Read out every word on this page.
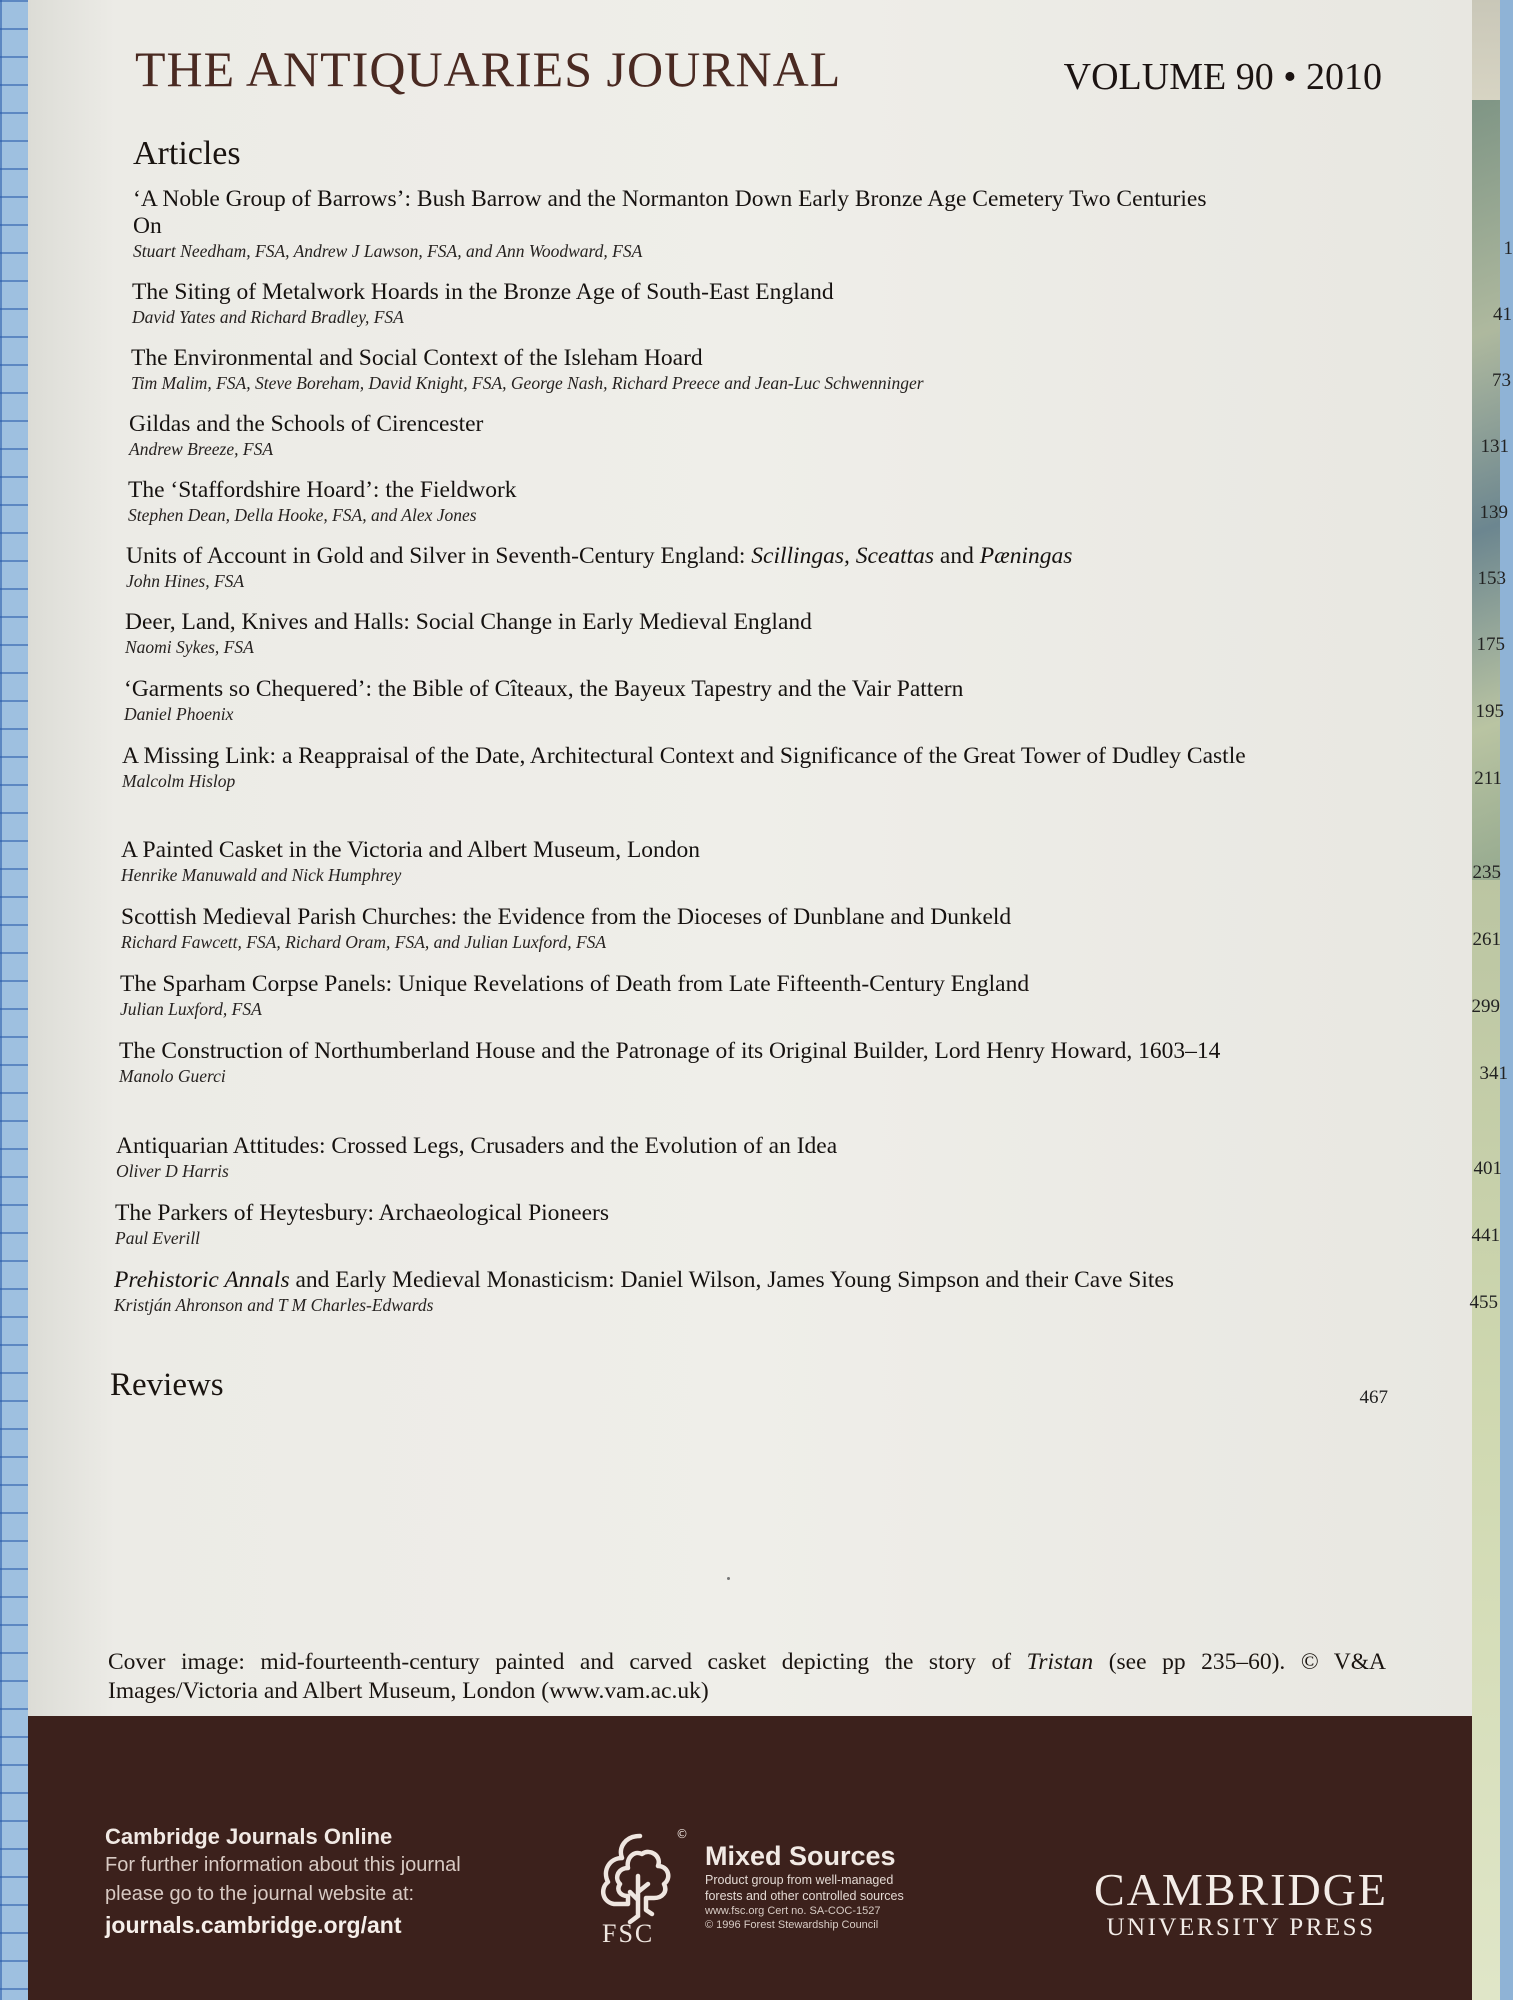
THE ANTIQUARIES JOURNAL	VOLUME 90 • 2010
Articles
‘A Noble Group of Barrows’: Bush Barrow and the Normanton Down Early Bronze Age Cemetery Two Centuries On
Stuart Needham, FSA, Andrew J Lawson, FSA, and Ann Woodward, FSA	1
The Siting of Metalwork Hoards in the Bronze Age of South-East England
David Yates and Richard Bradley, FSA	41
The Environmental and Social Context of the Isleham Hoard
Tim Malim, FSA, Steve Boreham, David Knight, FSA, George Nash, Richard Preece and Jean-Luc Schwenninger	73
Gildas and the Schools of Cirencester
Andrew Breeze, FSA	131
The ‘Staffordshire Hoard’: the Fieldwork
Stephen Dean, Della Hooke, FSA, and Alex Jones	139
Units of Account in Gold and Silver in Seventh-Century England: Scillingas, Sceattas and Pæningas
John Hines, FSA	153
Deer, Land, Knives and Halls: Social Change in Early Medieval England
Naomi Sykes, FSA	175
‘Garments so Chequered’: the Bible of Cîteaux, the Bayeux Tapestry and the Vair Pattern
Daniel Phoenix	195
A Missing Link: a Reappraisal of the Date, Architectural Context and Significance of the Great Tower of Dudley Castle
Malcolm Hislop	211
A Painted Casket in the Victoria and Albert Museum, London
Henrike Manuwald and Nick Humphrey	235
Scottish Medieval Parish Churches: the Evidence from the Dioceses of Dunblane and Dunkeld
Richard Fawcett, FSA, Richard Oram, FSA, and Julian Luxford, FSA	261
The Sparham Corpse Panels: Unique Revelations of Death from Late Fifteenth-Century England
Julian Luxford, FSA	299
The Construction of Northumberland House and the Patronage of its Original Builder, Lord Henry Howard, 1603–14
Manolo Guerci	341
Antiquarian Attitudes: Crossed Legs, Crusaders and the Evolution of an Idea
Oliver D Harris	401
The Parkers of Heytesbury: Archaeological Pioneers
Paul Everill	441
Prehistoric Annals and Early Medieval Monasticism: Daniel Wilson, James Young Simpson and their Cave Sites
Kristján Ahronson and T M Charles-Edwards	455
Reviews	467
Cover image: mid-fourteenth-century painted and carved casket depicting the story of Tristan (see pp 235–60). © V&A Images/Victoria and Albert Museum, London (www.vam.ac.uk)
Cambridge Journals Online
For further information about this journal
please go to the journal website at:
journals.cambridge.org/ant
©
FSC
Mixed Sources
Product group from well-managed
forests and other controlled sources
www.fsc.org Cert no. SA-COC-1527
© 1996 Forest Stewardship Council
CAMBRIDGE
UNIVERSITY PRESS
